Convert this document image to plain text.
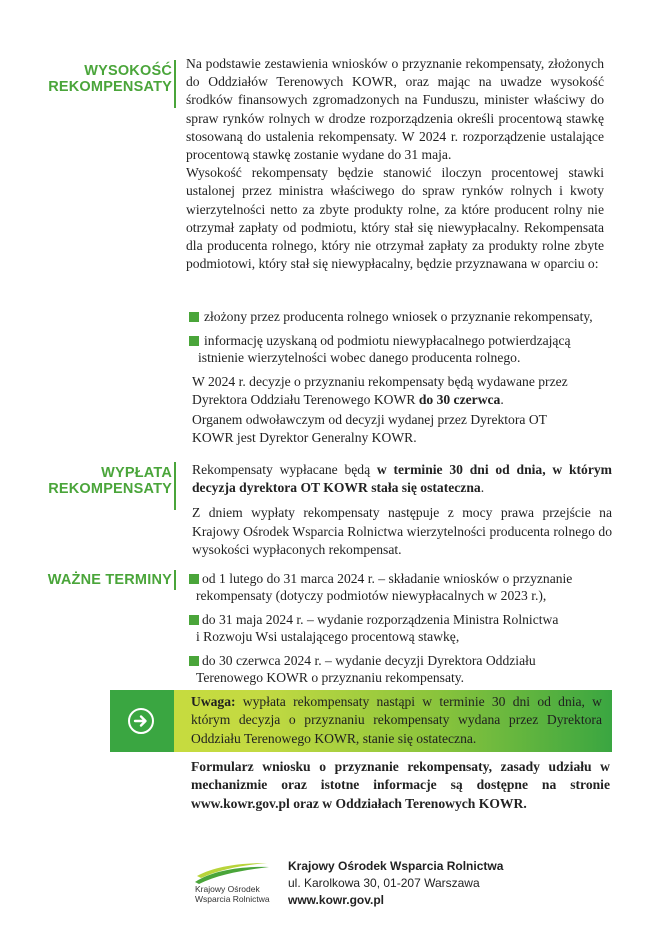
WYSOKOŚĆ
REKOMPENSATY

Na podstawie zestawienia wniosków o przyznanie rekompensaty, złożonych do Oddziałów Terenowych KOWR, oraz mając na uwadze wysokość środków finansowych zgromadzonych na Funduszu, minister właściwy do spraw rynków rolnych w drodze rozporządzenia określi procentową stawkę stosowaną do ustalenia rekompensaty. W 2024 r. rozporządzenie ustalające procentową stawkę zostanie wydane do 31 maja.

Wysokość rekompensaty będzie stanowić iloczyn procentowej stawki ustalonej przez ministra właściwego do spraw rynków rolnych i kwoty wierzytelności netto za zbyte produkty rolne, za które producent rolny nie otrzymał zapłaty od podmiotu, który stał się niewypłacalny. Rekompensata dla producenta rolnego, który nie otrzymał zapłaty za produkty rolne zbyte podmiotowi, który stał się niewypłacalny, będzie przyznawana w oparciu o:

złożony przez producenta rolnego wniosek o przyznanie rekompensaty,
informację uzyskaną od podmiotu niewypłacalnego potwierdzającą
istnienie wierzytelności wobec danego producenta rolnego.
W 2024 r. decyzje o przyznaniu rekompensaty będą wydawane przez
Dyrektora Oddziału Terenowego KOWR do 30 czerwca.
Organem odwoławczym od decyzji wydanej przez Dyrektora OT
KOWR jest Dyrektor Generalny KOWR.
WYPŁATA
REKOMPENSATY

Rekompensaty wypłacane będą w terminie 30 dni od dnia, w którym decyzja dyrektora OT KOWR stała się ostateczna.

Z dniem wypłaty rekompensaty następuje z mocy prawa przejście na Krajowy Ośrodek Wsparcia Rolnictwa wierzytelności producenta rolnego do wysokości wypłaconych rekompensat.

WAŻNE TERMINY	od 1 lutego do 31 marca 2024 r. – składanie wniosków o przyznanie
rekompensaty (dotyczy podmiotów niewypłacalnych w 2023 r.),
do 31 maja 2024 r. – wydanie rozporządzenia Ministra Rolnictwa
i Rozwoju Wsi ustalającego procentową stawkę,
do 30 czerwca 2024 r. – wydanie decyzji Dyrektora Oddziału
Terenowego KOWR o przyznaniu rekompensaty.
Uwaga: wypłata rekompensaty nastąpi w terminie 30 dni od dnia, w którym decyzja o przyznaniu rekompensaty wydana przez Dyrektora Oddziału Terenowego KOWR, stanie się ostateczna.
Formularz wniosku o przyznanie rekompensaty, zasady udziału w mechanizmie oraz istotne informacje są dostępne na stronie www.kowr.gov.pl oraz w Oddziałach Terenowych KOWR.
Krajowy Ośrodek
Wsparcia Rolnictwa
Krajowy Ośrodek Wsparcia Rolnictwa
ul. Karolkowa 30, 01-207 Warszawa
www.kowr.gov.pl
